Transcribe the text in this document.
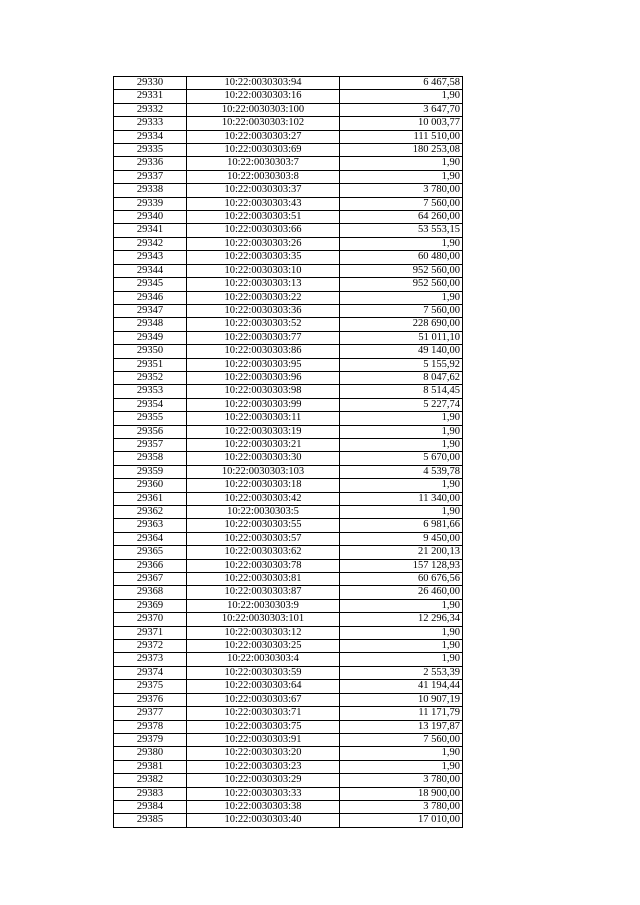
29330	10:22:0030303:94	6 467,58
29331	10:22:0030303:16	1,90
29332	10:22:0030303:100	3 647,70
29333	10:22:0030303:102	10 003,77
29334	10:22:0030303:27	111 510,00
29335	10:22:0030303:69	180 253,08
29336	10:22:0030303:7	1,90
29337	10:22:0030303:8	1,90
29338	10:22:0030303:37	3 780,00
29339	10:22:0030303:43	7 560,00
29340	10:22:0030303:51	64 260,00
29341	10:22:0030303:66	53 553,15
29342	10:22:0030303:26	1,90
29343	10:22:0030303:35	60 480,00
29344	10:22:0030303:10	952 560,00
29345	10:22:0030303:13	952 560,00
29346	10:22:0030303:22	1,90
29347	10:22:0030303:36	7 560,00
29348	10:22:0030303:52	228 690,00
29349	10:22:0030303:77	51 011,10
29350	10:22:0030303:86	49 140,00
29351	10:22:0030303:95	5 155,92
29352	10:22:0030303:96	8 047,62
29353	10:22:0030303:98	8 514,45
29354	10:22:0030303:99	5 227,74
29355	10:22:0030303:11	1,90
29356	10:22:0030303:19	1,90
29357	10:22:0030303:21	1,90
29358	10:22:0030303:30	5 670,00
29359	10:22:0030303:103	4 539,78
29360	10:22:0030303:18	1,90
29361	10:22:0030303:42	11 340,00
29362	10:22:0030303:5	1,90
29363	10:22:0030303:55	6 981,66
29364	10:22:0030303:57	9 450,00
29365	10:22:0030303:62	21 200,13
29366	10:22:0030303:78	157 128,93
29367	10:22:0030303:81	60 676,56
29368	10:22:0030303:87	26 460,00
29369	10:22:0030303:9	1,90
29370	10:22:0030303:101	12 296,34
29371	10:22:0030303:12	1,90
29372	10:22:0030303:25	1,90
29373	10:22:0030303:4	1,90
29374	10:22:0030303:59	2 553,39
29375	10:22:0030303:64	41 194,44
29376	10:22:0030303:67	10 907,19
29377	10:22:0030303:71	11 171,79
29378	10:22:0030303:75	13 197,87
29379	10:22:0030303:91	7 560,00
29380	10:22:0030303:20	1,90
29381	10:22:0030303:23	1,90
29382	10:22:0030303:29	3 780,00
29383	10:22:0030303:33	18 900,00
29384	10:22:0030303:38	3 780,00
29385	10:22:0030303:40	17 010,00
